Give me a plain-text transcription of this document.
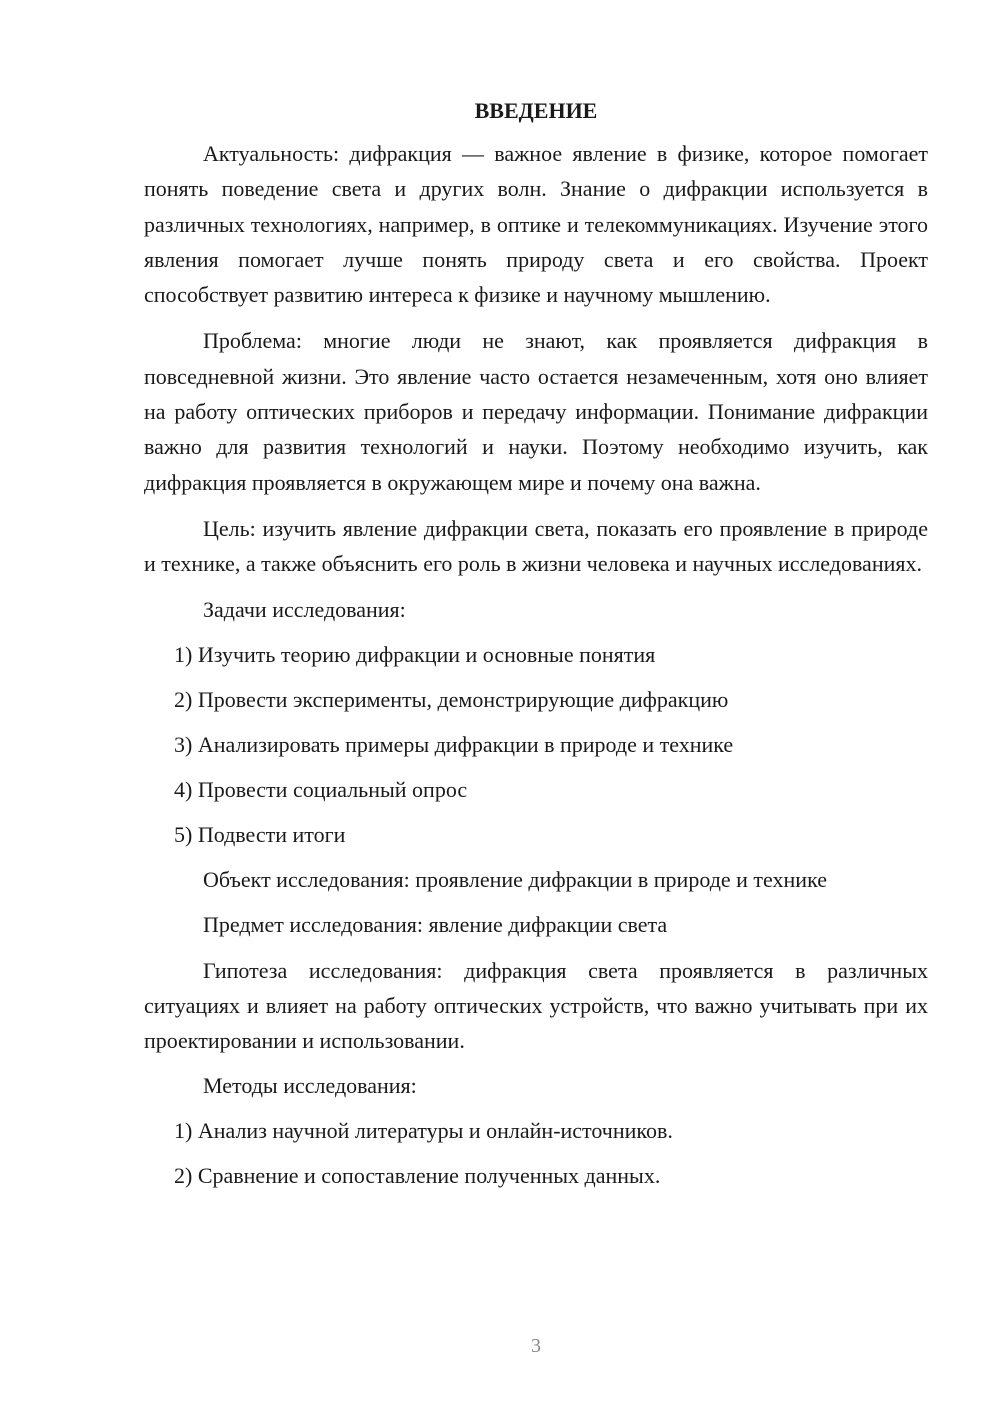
ВВЕДЕНИЕ

Актуальность: дифракция — важное явление в физике, которое помогает понять поведение света и других волн. Знание о дифракции используется в различных технологиях, например, в оптике и телекоммуникациях. Изучение этого явления помогает лучше понять природу света и его свойства. Проект способствует развитию интереса к физике и научному мышлению.

Проблема: многие люди не знают, как проявляется дифракция в повседневной жизни. Это явление часто остается незамеченным, хотя оно влияет на работу оптических приборов и передачу информации. Понимание дифракции важно для развития технологий и науки. Поэтому необходимо изучить, как дифракция проявляется в окружающем мире и почему она важна.

Цель: изучить явление дифракции света, показать его проявление в природе и технике, а также объяснить его роль в жизни человека и научных исследованиях.

Задачи исследования:
1) Изучить теорию дифракции и основные понятия
2) Провести эксперименты, демонстрирующие дифракцию
3) Анализировать примеры дифракции в природе и технике
4) Провести социальный опрос
5) Подвести итоги
Объект исследования: проявление дифракции в природе и технике
Предмет исследования: явление дифракции света

Гипотеза исследования: дифракция света проявляется в различных ситуациях и влияет на работу оптических устройств, что важно учитывать при их проектировании и использовании.

Методы исследования:
1) Анализ научной литературы и онлайн-источников.
2) Сравнение и сопоставление полученных данных.
3
